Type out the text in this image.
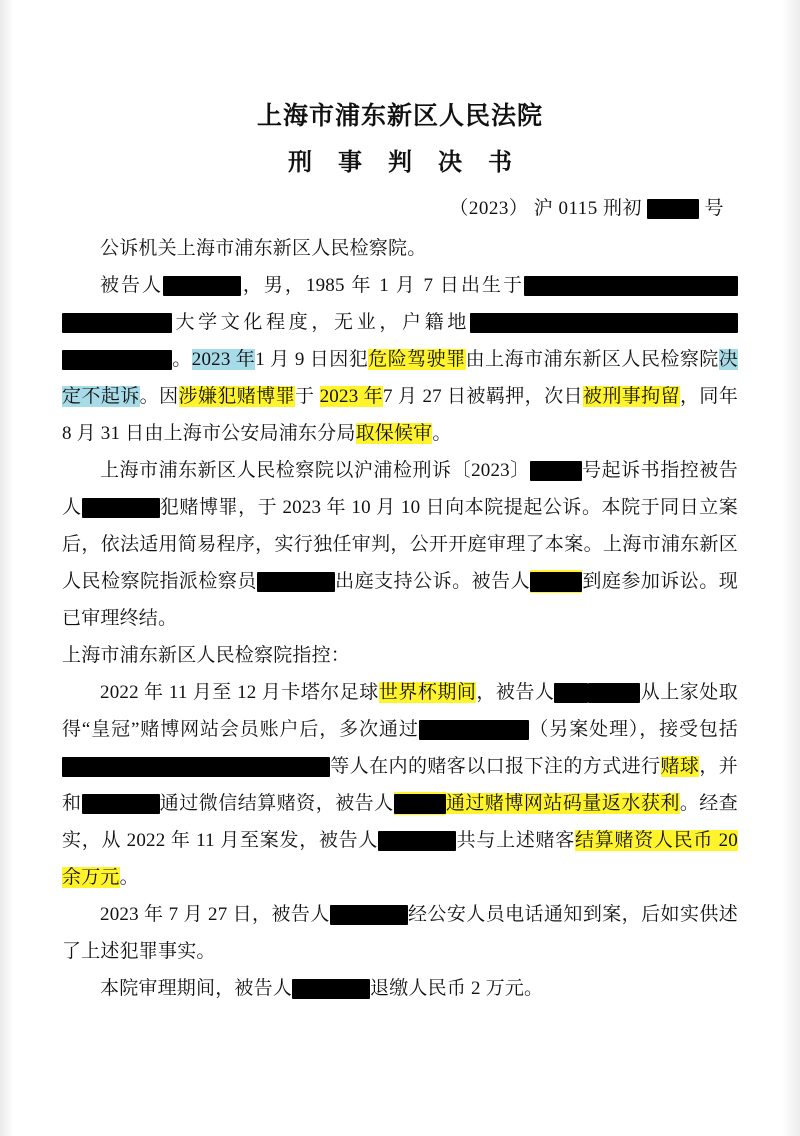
上海市浦东新区人民法院
刑 事 判 决 书
（2023） 沪 0115 刑初	号

公诉机关上海市浦东新区人民检察院。

被告人	，男，1985 年 1 月 7 日出生于大学文化程度，无业，户籍地。2023 年1 月 9 日因犯危险驾驶罪由上海市浦东新区人民检察院决定不起诉。因涉嫌犯赌博罪于 2023 年7 月 27 日被羁押，次日被刑事拘留，同年 8 月 31 日由上海市公安局浦东分局取保候审。

上海市浦东新区人民检察院以沪浦检刑诉〔2023〕	号起诉书指控被告人	犯赌博罪，于 2023 年 10 月 10 日向本院提起公诉。本院于同日立案后，依法适用简易程序，实行独任审判，公开开庭审理了本案。上海市浦东新区人民检察院指派检察员	出庭支持公诉。被告人	到庭参加诉讼。现已审理终结。

上海市浦东新区人民检察院指控：

2022 年 11 月至 12 月卡塔尔足球世界杯期间，被告人	从上家处取得“皇冠”赌博网站会员账户后，多次通过	（另案处理），接受包括等人在内的赌客以口报下注的方式进行赌球，并和	通过微信结算赌资，被告人	通过赌博网站码量返水获利。经查实，从 2022 年 11 月至案发，被告人	共与上述赌客结算赌资人民币 20 余万元。

2023 年 7 月 27 日，被告人	经公安人员电话通知到案，后如实供述了上述犯罪事实。

本院审理期间，被告人	退缴人民币 2 万元。
